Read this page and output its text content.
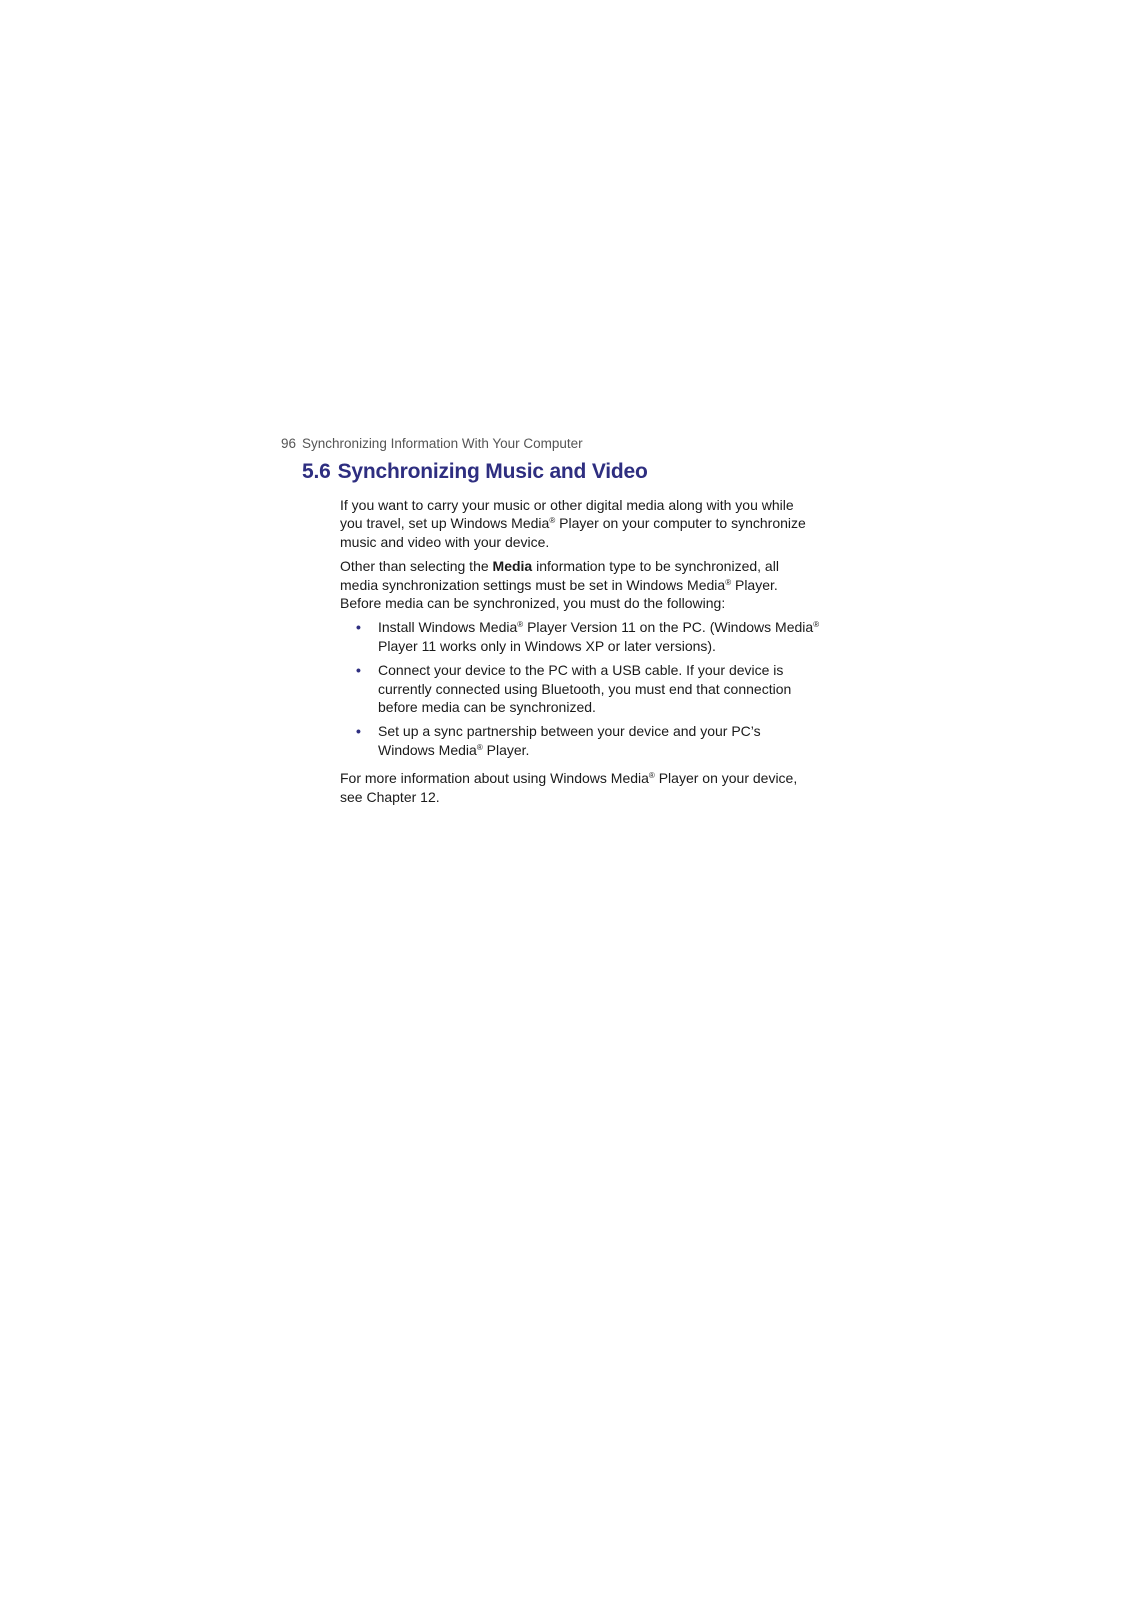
96 Synchronizing Information With Your Computer
5.6 Synchronizing Music and Video

If you want to carry your music or other digital media along with you while you travel, set up Windows Media® Player on your computer to synchronize music and video with your device.

Other than selecting the Media information type to be synchronized, all media synchronization settings must be set in Windows Media® Player. Before media can be synchronized, you must do the following:

• Install Windows Media® Player Version 11 on the PC. (Windows Media® Player 11 works only in Windows XP or later versions).
• Connect your device to the PC with a USB cable. If your device is currently connected using Bluetooth, you must end that connection before media can be synchronized.
• Set up a sync partnership between your device and your PC’s Windows Media® Player.

For more information about using Windows Media® Player on your device, see Chapter 12.
